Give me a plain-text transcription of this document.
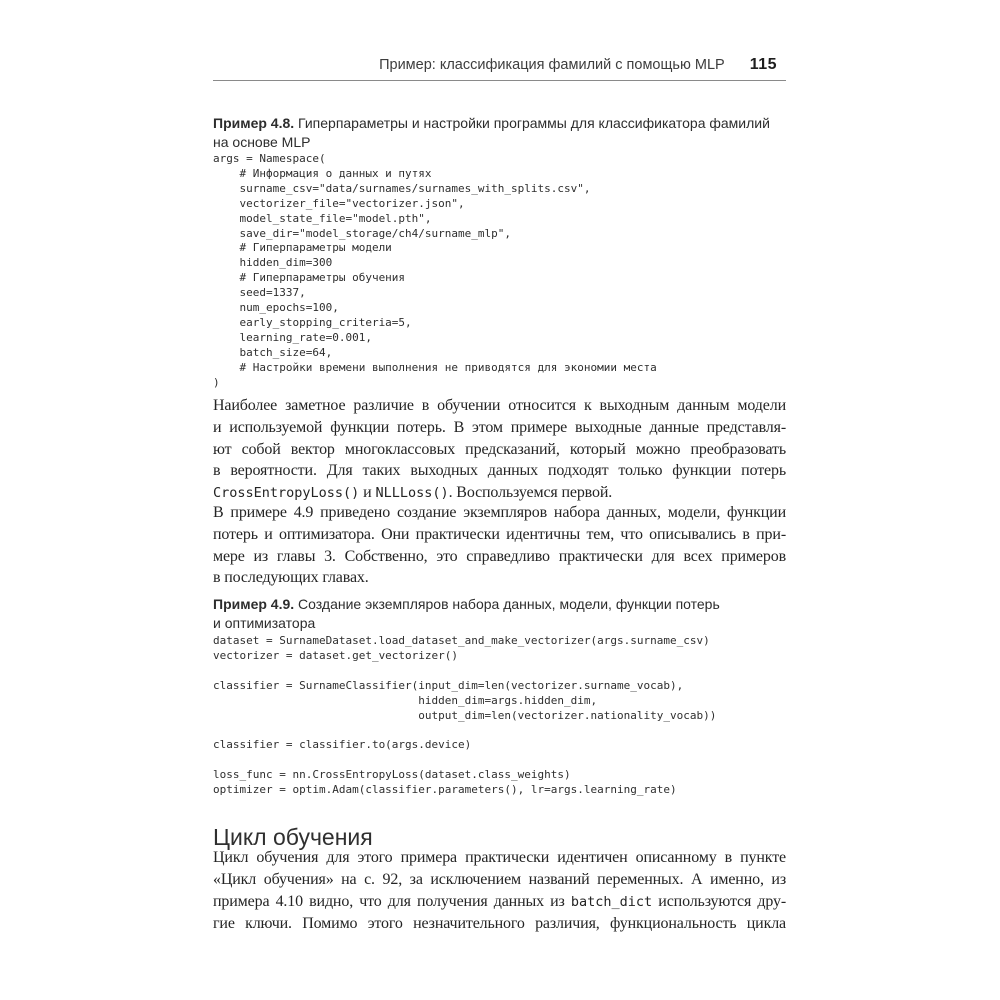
Пример: классификация фамилий с помощью MLP 115
Пример 4.8. Гиперпараметры и настройки программы для классификатора фамилий
на основе MLP
args = Namespace(
# Информация о данных и путях
surname_csv="data/surnames/surnames_with_splits.csv",
vectorizer_file="vectorizer.json",
model_state_file="model.pth",
save_dir="model_storage/ch4/surname_mlp",
# Гиперпараметры модели
hidden_dim=300
# Гиперпараметры обучения
seed=1337,
num_epochs=100,
early_stopping_criteria=5,
learning_rate=0.001,
batch_size=64,
# Настройки времени выполнения не приводятся для экономии места
)
Наиболее заметное различие в обучении относится к выходным данным модели
и используемой функции потерь. В этом примере выходные данные представля-
ют собой вектор многоклассовых предсказаний, который можно преобразовать
в вероятности. Для таких выходных данных подходят только функции потерь
CrossEntropyLoss() и NLLLoss(). Воспользуемся первой.
В примере 4.9 приведено создание экземпляров набора данных, модели, функции
потерь и оптимизатора. Они практически идентичны тем, что описывались в при-
мере из главы 3. Собственно, это справедливо практически для всех примеров
в последующих главах.
Пример 4.9. Создание экземпляров набора данных, модели, функции потерь
и оптимизатора
dataset = SurnameDataset.load_dataset_and_make_vectorizer(args.surname_csv)
vectorizer = dataset.get_vectorizer()

classifier = SurnameClassifier(input_dim=len(vectorizer.surname_vocab),
hidden_dim=args.hidden_dim,
output_dim=len(vectorizer.nationality_vocab))

classifier = classifier.to(args.device)

loss_func = nn.CrossEntropyLoss(dataset.class_weights)
optimizer = optim.Adam(classifier.parameters(), lr=args.learning_rate)
Цикл обучения
Цикл обучения для этого примера практически идентичен описанному в пункте
«Цикл обучения» на с. 92, за исключением названий переменных. А именно, из
примера 4.10 видно, что для получения данных из batch_dict используются дру-
гие ключи. Помимо этого незначительного различия, функциональность цикла
